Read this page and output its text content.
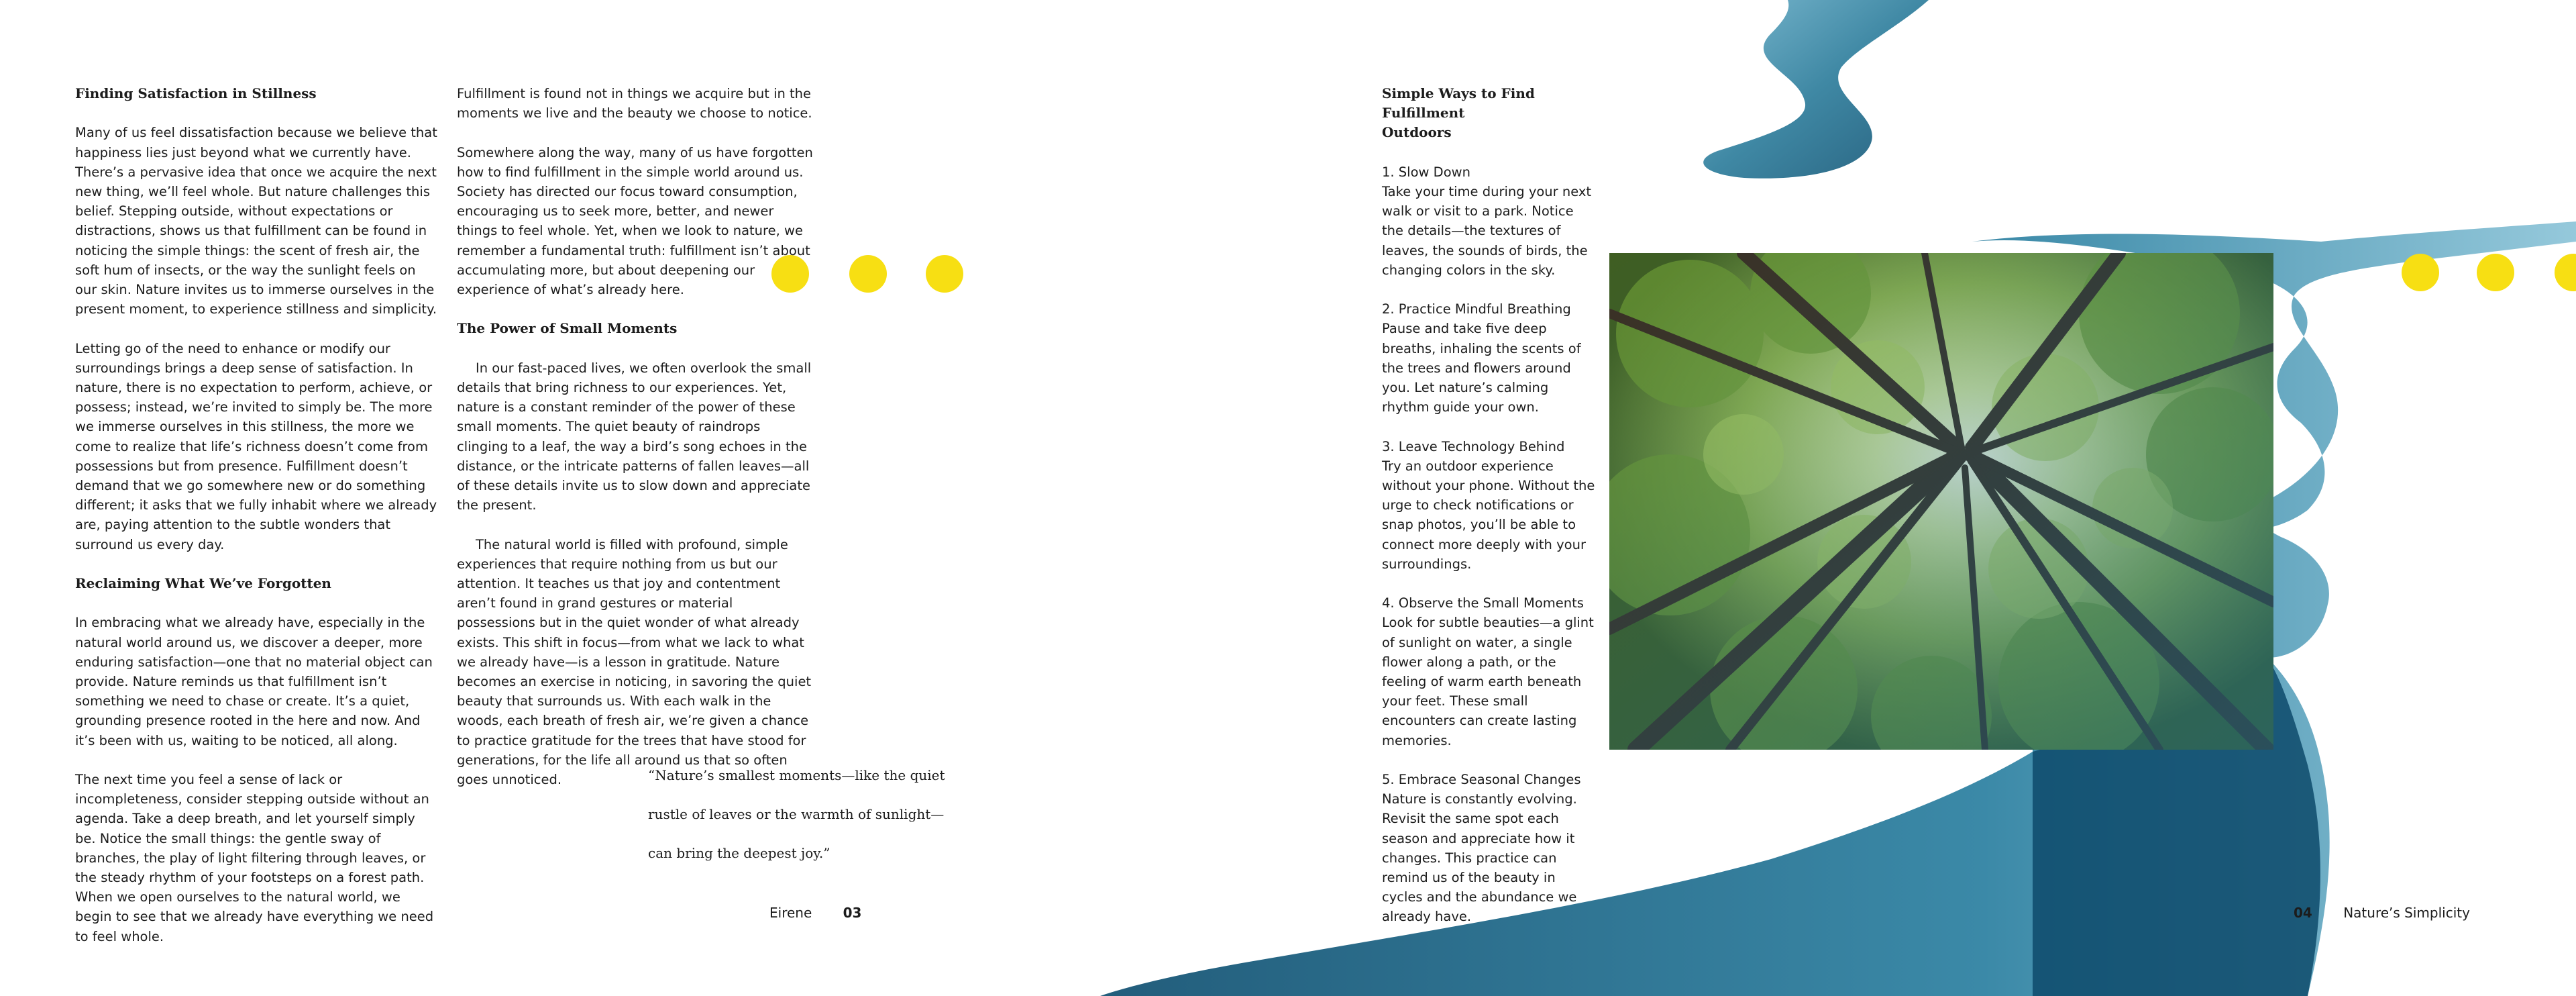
Finding Satisfaction in Stillness

Many of us feel dissatisfaction because we believe that happiness lies just beyond what we currently have. There’s a pervasive idea that once we acquire the next new thing, we’ll feel whole. But nature challenges this belief. Stepping outside, without expectations or distractions, shows us that fulfillment can be found in noticing the simple things: the scent of fresh air, the soft hum of insects, or the way the sunlight feels on our skin. Nature invites us to immerse ourselves in the present moment, to experience stillness and simplicity.

Letting go of the need to enhance or modify our surroundings brings a deep sense of satisfaction. In nature, there is no expectation to perform, achieve, or possess; instead, we’re invited to simply be. The more we immerse ourselves in this stillness, the more we come to realize that life’s richness doesn’t come from possessions but from presence. Fulfillment doesn’t demand that we go somewhere new or do something different; it asks that we fully inhabit where we already are, paying attention to the subtle wonders that surround us every day.

Reclaiming What We’ve Forgotten

In embracing what we already have, especially in the natural world around us, we discover a deeper, more enduring satisfaction—one that no material object can provide. Nature reminds us that fulfillment isn’t something we need to chase or create. It’s a quiet, grounding presence rooted in the here and now. And it’s been with us, waiting to be noticed, all along.

The next time you feel a sense of lack or incompleteness, consider stepping outside without an agenda. Take a deep breath, and let yourself simply be. Notice the small things: the gentle sway of branches, the play of light filtering through leaves, or the steady rhythm of your footsteps on a forest path. When we open ourselves to the natural world, we begin to see that we already have everything we need to feel whole.

Fulfillment is found not in things we acquire but in the moments we live and the beauty we choose to notice.

Somewhere along the way, many of us have forgotten how to find fulfillment in the simple world around us. Society has directed our focus toward consumption, encouraging us to seek more, better, and newer things to feel whole. Yet, when we look to nature, we remember a fundamental truth: fulfillment isn’t about accumulating more, but about deepening our experience of what’s already here.

The Power of Small Moments

In our fast-paced lives, we often overlook the small details that bring richness to our experiences. Yet, nature is a constant reminder of the power of these small moments. The quiet beauty of raindrops clinging to a leaf, the way a bird’s song echoes in the distance, or the intricate patterns of fallen leaves—all of these details invite us to slow down and appreciate the present.

The natural world is filled with profound, simple experiences that require nothing from us but our attention. It teaches us that joy and contentment aren’t found in grand gestures or material possessions but in the quiet wonder of what already exists. This shift in focus—from what we lack to what we already have—is a lesson in gratitude. Nature becomes an exercise in noticing, in savoring the quiet beauty that surrounds us. With each walk in the woods, each breath of fresh air, we’re given a chance to practice gratitude for the trees that have stood for generations, for the life all around us that so often goes unnoticed.	“Nature’s smallest moments—like the quiet rustle of leaves or the warmth of sunlight—can bring the deepest joy.”
Eirene 03
Simple Ways to Find Fulfillment Outdoors

1. Slow Down
Take your time during your next walk or visit to a park. Notice the details—the textures of leaves, the sounds of birds, the changing colors in the sky.

2. Practice Mindful Breathing
Pause and take five deep breaths, inhaling the scents of the trees and flowers around you. Let nature’s calming rhythm guide your own.

3. Leave Technology Behind
Try an outdoor experience without your phone. Without the urge to check notifications or snap photos, you’ll be able to connect more deeply with your surroundings.

4. Observe the Small Moments
Look for subtle beauties—a glint of sunlight on water, a single flower along a path, or the feeling of warm earth beneath your feet. These small encounters can create lasting memories.

5. Embrace Seasonal Changes
Nature is constantly evolving. Revisit the same spot each season and appreciate how it changes. This practice can remind us of the beauty in cycles and the abundance we already have.	04 Nature’s Simplicity
